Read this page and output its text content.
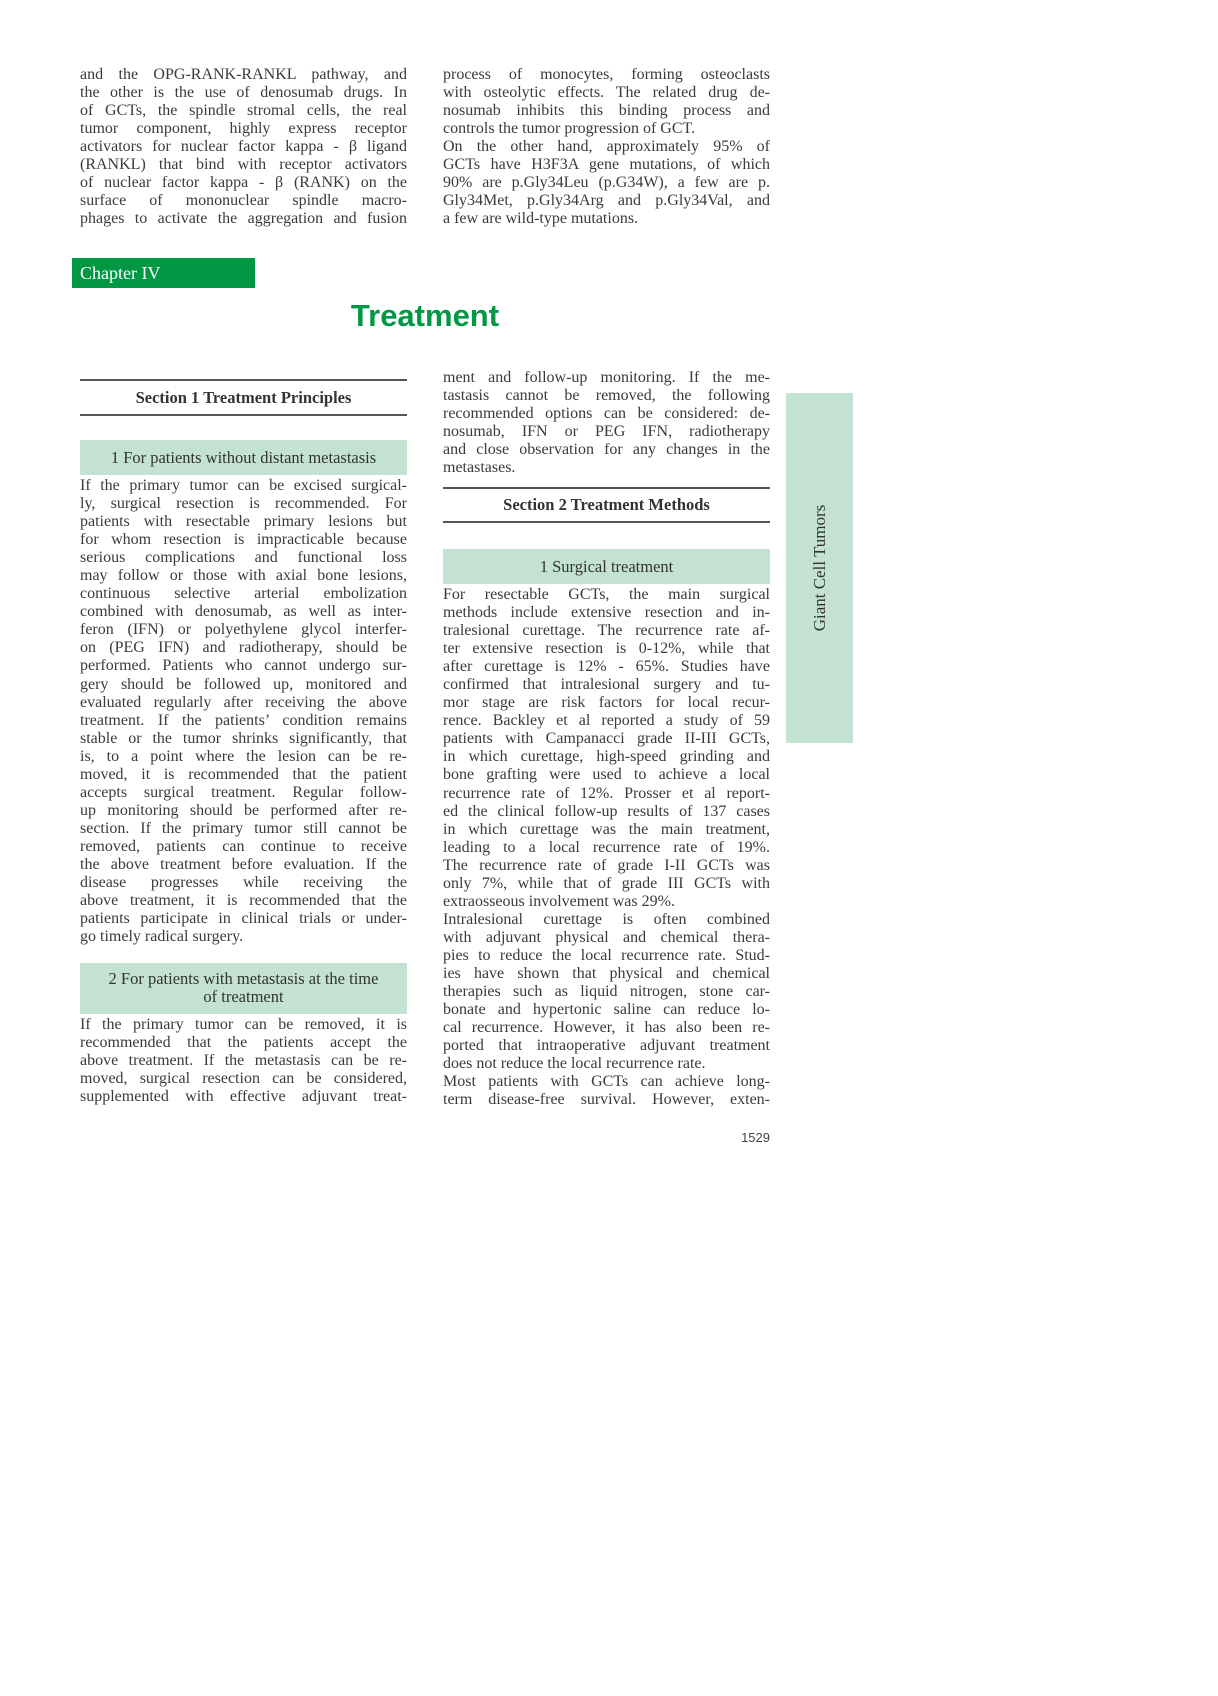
and the OPG-RANK-RANKL pathway, and
the other is the use of denosumab drugs. In
of GCTs, the spindle stromal cells, the real
tumor component, highly express receptor
activators for nuclear factor kappa - β ligand
(RANKL) that bind with receptor activators
of nuclear factor kappa - β (RANK) on the
surface of mononuclear spindle macro-
phages to activate the aggregation and fusion
process of monocytes, forming osteoclasts
with osteolytic effects. The related drug de-
nosumab inhibits this binding process and
controls the tumor progression of GCT.
On the other hand, approximately 95% of
GCTs have H3F3A gene mutations, of which
90% are p.Gly34Leu (p.G34W), a few are p.
Gly34Met, p.Gly34Arg and p.Gly34Val, and
a few are wild-type mutations.
Chapter IV
Treatment
Section 1 Treatment Principles
1 For patients without distant metastasis
If the primary tumor can be excised surgical-
ly, surgical resection is recommended. For
patients with resectable primary lesions but
for whom resection is impracticable because
serious complications and functional loss
may follow or those with axial bone lesions,
continuous selective arterial embolization
combined with denosumab, as well as inter-
feron (IFN) or polyethylene glycol interfer-
on (PEG IFN) and radiotherapy, should be
performed. Patients who cannot undergo sur-
gery should be followed up, monitored and
evaluated regularly after receiving the above
treatment. If the patients’ condition remains
stable or the tumor shrinks significantly, that
is, to a point where the lesion can be re-
moved, it is recommended that the patient
accepts surgical treatment. Regular follow-
up monitoring should be performed after re-
section. If the primary tumor still cannot be
removed, patients can continue to receive
the above treatment before evaluation. If the
disease progresses while receiving the
above treatment, it is recommended that the
patients participate in clinical trials or under-
go timely radical surgery.
2 For patients with metastasis at the time
of treatment
If the primary tumor can be removed, it is
recommended that the patients accept the
above treatment. If the metastasis can be re-
moved, surgical resection can be considered,
supplemented with effective adjuvant treat-
ment and follow-up monitoring. If the me-
tastasis cannot be removed, the following
recommended options can be considered: de-
nosumab, IFN or PEG IFN, radiotherapy
and close observation for any changes in the
metastases.
Section 2 Treatment Methods
1 Surgical treatment
For resectable GCTs, the main surgical
methods include extensive resection and in-
tralesional curettage. The recurrence rate af-
ter extensive resection is 0-12%, while that
after curettage is 12% - 65%. Studies have
confirmed that intralesional surgery and tu-
mor stage are risk factors for local recur-
rence. Backley et al reported a study of 59
patients with Campanacci grade II-III GCTs,
in which curettage, high-speed grinding and
bone grafting were used to achieve a local
recurrence rate of 12%. Prosser et al report-
ed the clinical follow-up results of 137 cases
in which curettage was the main treatment,
leading to a local recurrence rate of 19%.
The recurrence rate of grade I-II GCTs was
only 7%, while that of grade III GCTs with
extraosseous involvement was 29%.
Intralesional curettage is often combined
with adjuvant physical and chemical thera-
pies to reduce the local recurrence rate. Stud-
ies have shown that physical and chemical
therapies such as liquid nitrogen, stone car-
bonate and hypertonic saline can reduce lo-
cal recurrence. However, it has also been re-
ported that intraoperative adjuvant treatment
does not reduce the local recurrence rate.
Most patients with GCTs can achieve long-
term disease-free survival. However, exten-
Giant Cell Tumors
1529
